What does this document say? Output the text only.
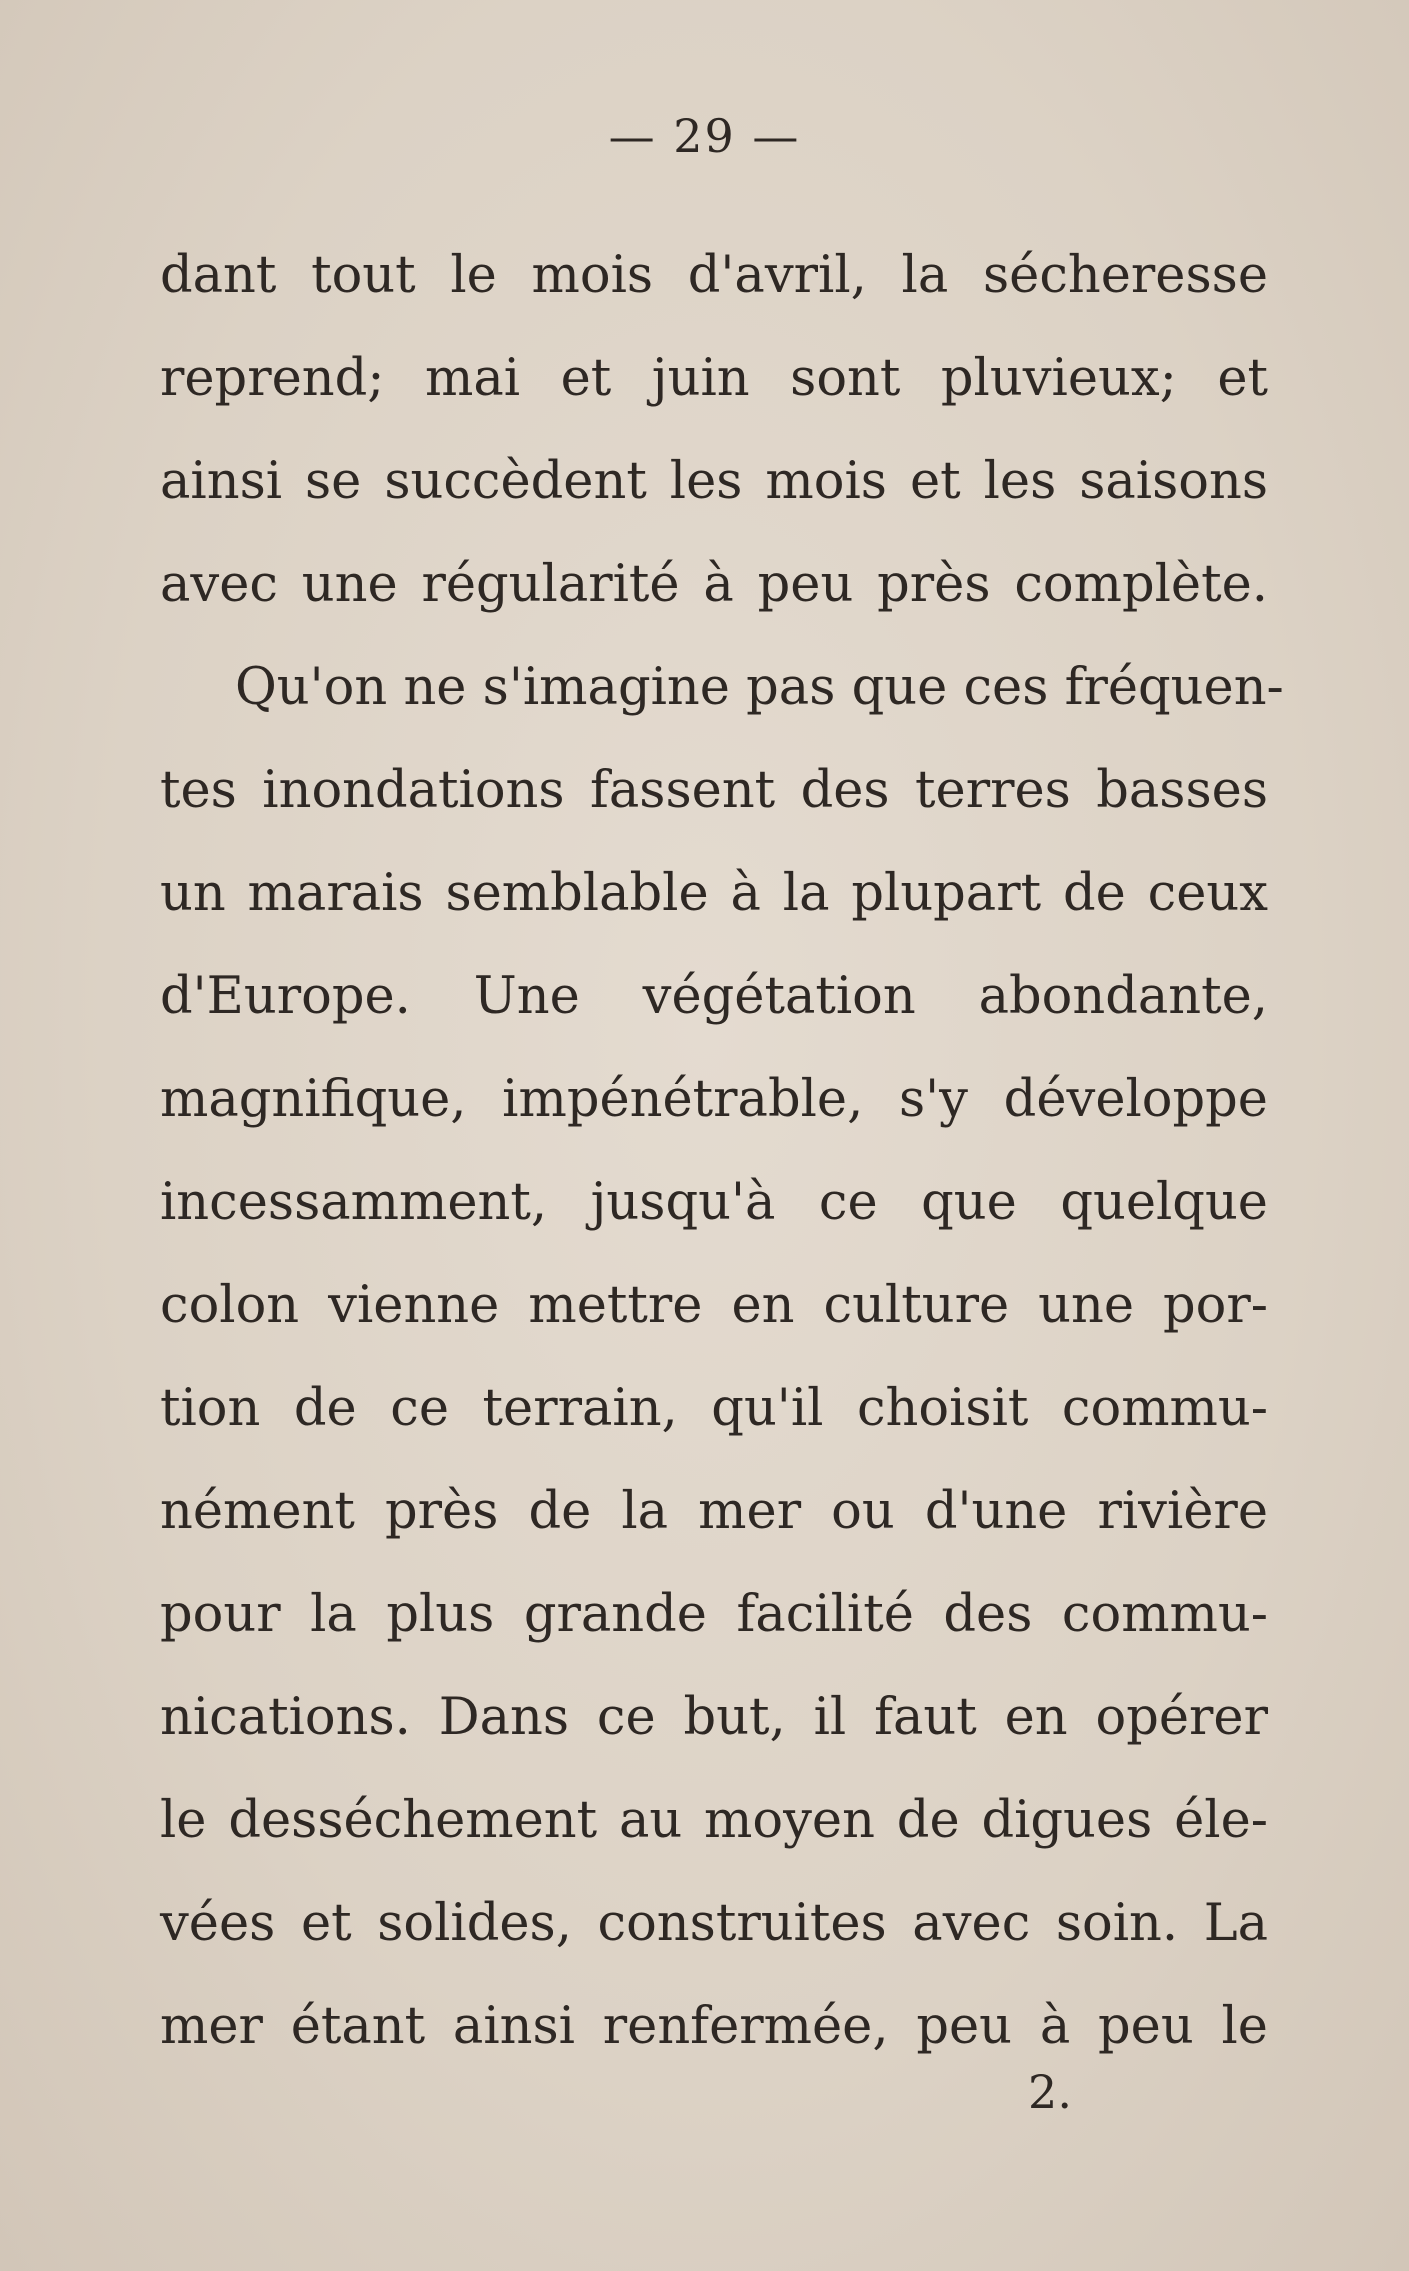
— 29 —
dant tout le mois d'avril, la sécheresse
reprend; mai et juin sont pluvieux; et
ainsi se succèdent les mois et les saisons
avec une régularité à peu près complète.
Qu'on ne s'imagine pas que ces fréquen-
tes inondations fassent des terres basses
un marais semblable à la plupart de ceux
d'Europe. Une végétation abondante,
magnifique, impénétrable, s'y développe
incessamment, jusqu'à ce que quelque
colon vienne mettre en culture une por-
tion de ce terrain, qu'il choisit commu-
nément près de la mer ou d'une rivière
pour la plus grande facilité des commu-
nications. Dans ce but, il faut en opérer
le desséchement au moyen de digues éle-
vées et solides, construites avec soin. La
mer étant ainsi renfermée, peu à peu le
2.
